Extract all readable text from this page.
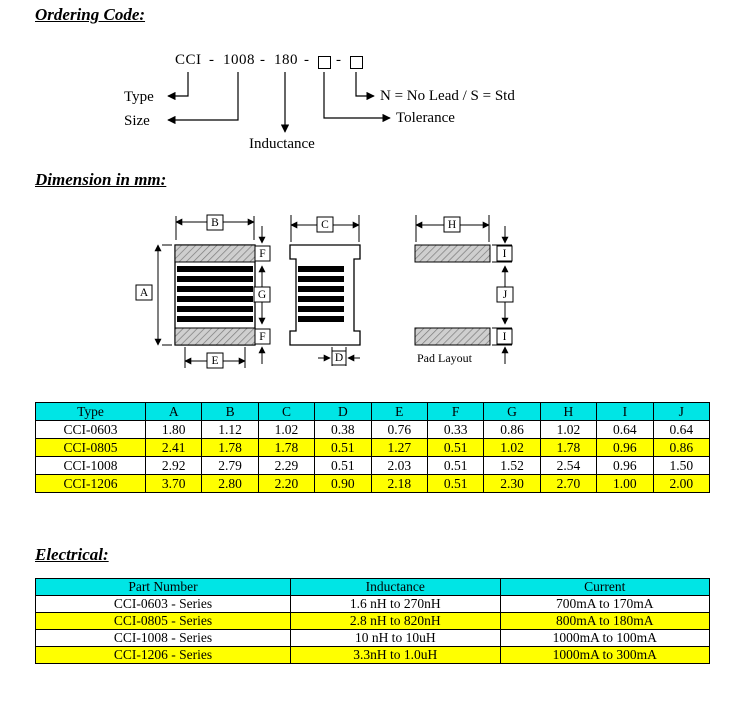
Ordering Code:
CCI - 1008 - 180 - -
Type
Size
Inductance
Tolerance
N = No Lead / S = Std
Dimension in mm:
B
A
F
G
F
E
C
D
H
I
J
I
Pad Layout
Type	A	B	C	D	E	F	G	H	I	J
CCI-0603	1.80	1.12	1.02	0.38	0.76	0.33	0.86	1.02	0.64	0.64
CCI-0805	2.41	1.78	1.78	0.51	1.27	0.51	1.02	1.78	0.96	0.86
CCI-1008	2.92	2.79	2.29	0.51	2.03	0.51	1.52	2.54	0.96	1.50
CCI-1206	3.70	2.80	2.20	0.90	2.18	0.51	2.30	2.70	1.00	2.00
Electrical:
Part Number	Inductance	Current
CCI-0603 - Series	1.6 nH to 270nH	700mA to 170mA
CCI-0805 - Series	2.8 nH to 820nH	800mA to 180mA
CCI-1008 - Series	10 nH to 10uH	1000mA to 100mA
CCI-1206 - Series	3.3nH to 1.0uH	1000mA to 300mA
